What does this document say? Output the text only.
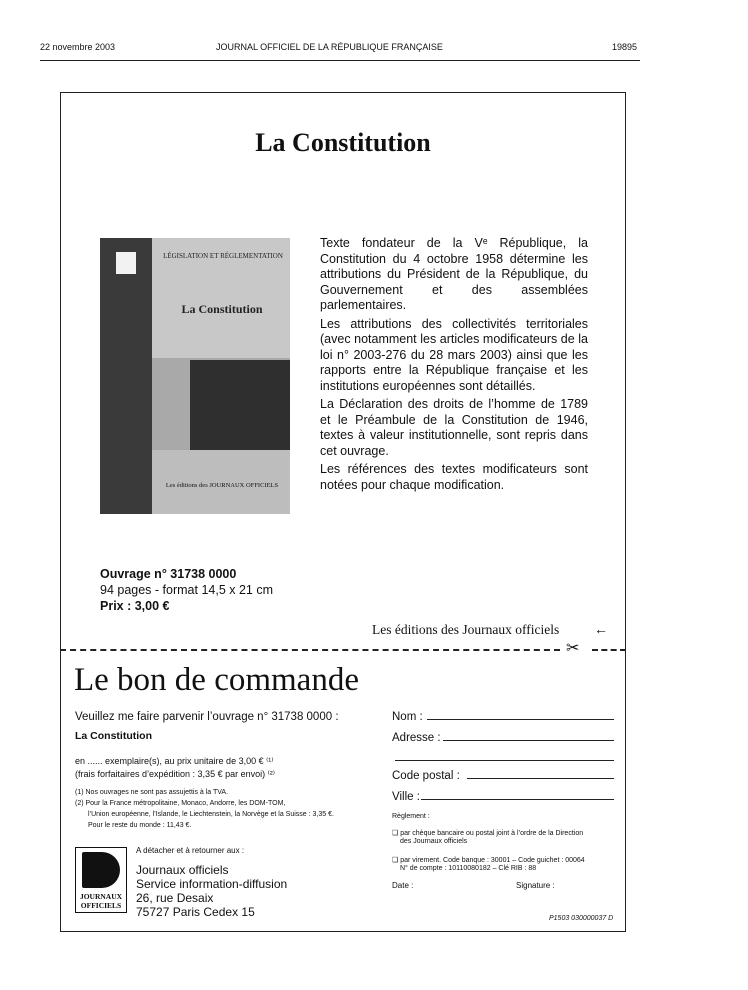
22 novembre 2003	JOURNAL OFFICIEL DE LA RÉPUBLIQUE FRANÇAISE	19895
La Constitution
LÉGISLATION ET RÉGLEMENTATION
La Constitution
Les éditions des JOURNAUX OFFICIELS

Texte fondateur de la Vᵉ République, la Constitution du 4 octobre 1958 détermine les attributions du Président de la République, du Gouvernement et des assemblées parlementaires.

Les attributions des collectivités territoriales (avec notamment les articles modificateurs de la loi n° 2003-276 du 28 mars 2003) ainsi que les rapports entre la République française et les institutions européennes sont détaillés.

La Déclaration des droits de l’homme de 1789 et le Préambule de la Constitution de 1946, textes à valeur institutionnelle, sont repris dans cet ouvrage.

Les références des textes modificateurs sont notées pour chaque modification.

Ouvrage n° 31738 0000
94 pages - format 14,5 x 21 cm
Prix : 3,00 €
Les éditions des Journaux officiels ←
✂
Le bon de commande
Veuillez me faire parvenir l’ouvrage n° 31738 0000 :
La Constitution
en ...... exemplaire(s), au prix unitaire de 3,00 € ⁽¹⁾
(frais forfaitaires d’expédition : 3,35 € par envoi) ⁽²⁾
(1) Nos ouvrages ne sont pas assujettis à la TVA.
(2) Pour la France métropolitaine, Monaco, Andorre, les DOM-TOM,
l’Union européenne, l’Islande, le Liechtenstein, la Norvège et la Suisse : 3,35 €.
Pour le reste du monde : 11,43 €.
A détacher et à retourner aux :
JOURNAUX
OFFICIELS
Journaux officiels
Service information-diffusion
26, rue Desaix
75727 Paris Cedex 15
Nom :
Adresse :
Code postal :
Ville :
Règlement :
❏ par chèque bancaire ou postal joint à l’ordre de la Direction
des Journaux officiels
❏ par virement. Code banque : 30001 – Code guichet : 00064
N° de compte : 10110080182 – Clé RIB : 88
Date :	Signature :
P1503 030000037 D
